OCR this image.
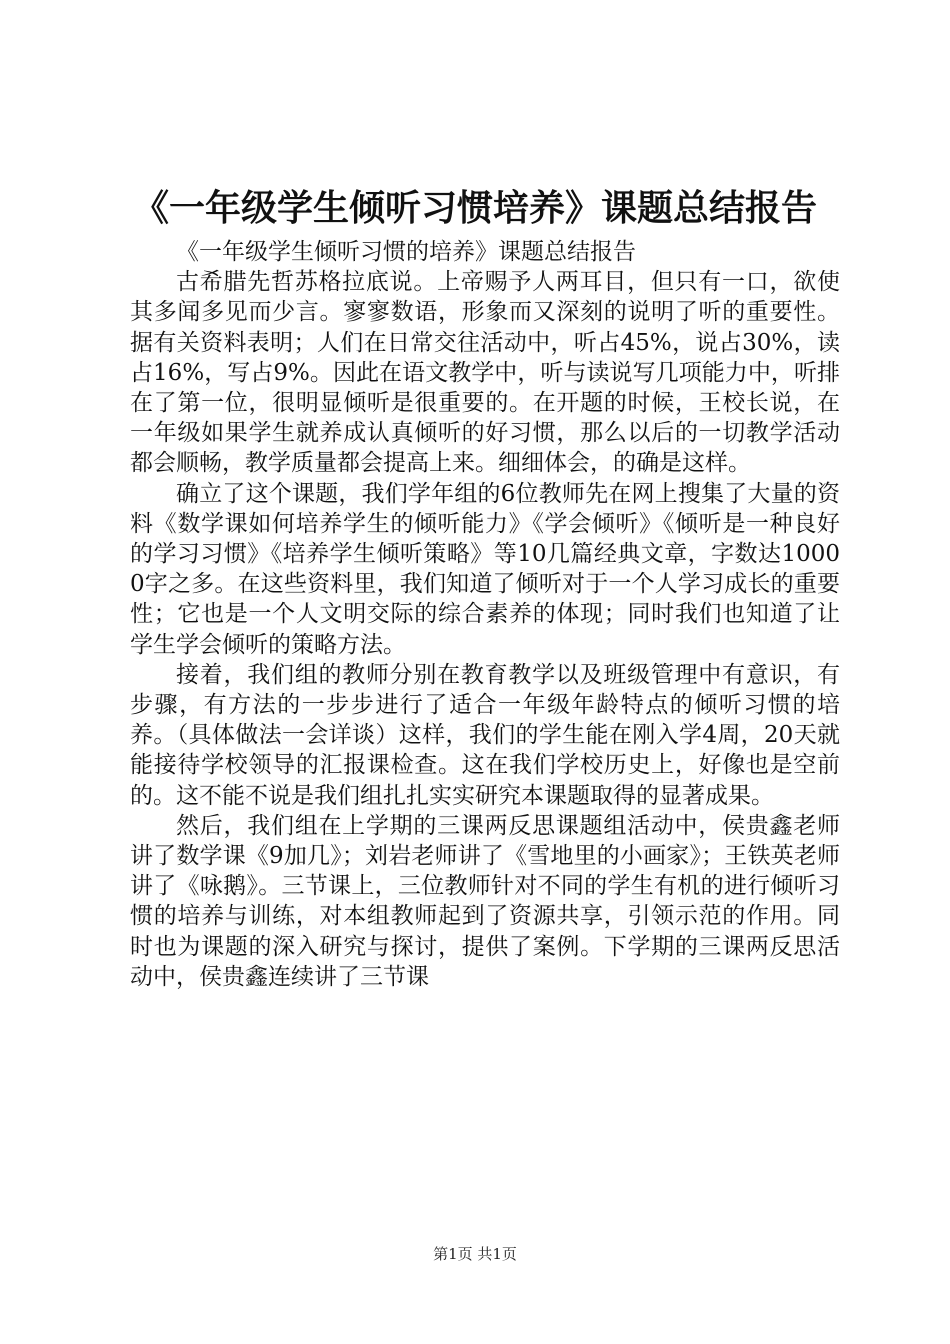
《一年级学生倾听习惯培养》课题总结报告

《一年级学生倾听习惯的培养》课题总结报告

古希腊先哲苏格拉底说。上帝赐予人两耳目，但只有一口，欲使其多闻多见而少言。寥寥数语，形象而又深刻的说明了听的重要性。据有关资料表明；人们在日常交往活动中，听占45%，说占30%，读占16%，写占9%。因此在语文教学中，听与读说写几项能力中，听排在了第一位，很明显倾听是很重要的。在开题的时候，王校长说，在一年级如果学生就养成认真倾听的好习惯，那么以后的一切教学活动都会顺畅，教学质量都会提高上来。细细体会，的确是这样。

确立了这个课题，我们学年组的6位教师先在网上搜集了大量的资料《数学课如何培养学生的倾听能力》《学会倾听》《倾听是一种良好的学习习惯》《培养学生倾听策略》等10几篇经典文章，字数达10000字之多。在这些资料里，我们知道了倾听对于一个人学习成长的重要性；它也是一个人文明交际的综合素养的体现；同时我们也知道了让学生学会倾听的策略方法。

接着，我们组的教师分别在教育教学以及班级管理中有意识，有步骤，有方法的一步步进行了适合一年级年龄特点的倾听习惯的培养。（具体做法一会详谈）这样，我们的学生能在刚入学4周，20天就能接待学校领导的汇报课检查。这在我们学校历史上，好像也是空前的。这不能不说是我们组扎扎实实研究本课题取得的显著成果。

然后，我们组在上学期的三课两反思课题组活动中，侯贵鑫老师讲了数学课《9加几》；刘岩老师讲了《雪地里的小画家》；王铁英老师讲了《咏鹅》。三节课上，三位教师针对不同的学生有机的进行倾听习惯的培养与训练，对本组教师起到了资源共享，引领示范的作用。同时也为课题的深入研究与探讨，提供了案例。下学期的三课两反思活动中，侯贵鑫连续讲了三节课

第1页 共1页
